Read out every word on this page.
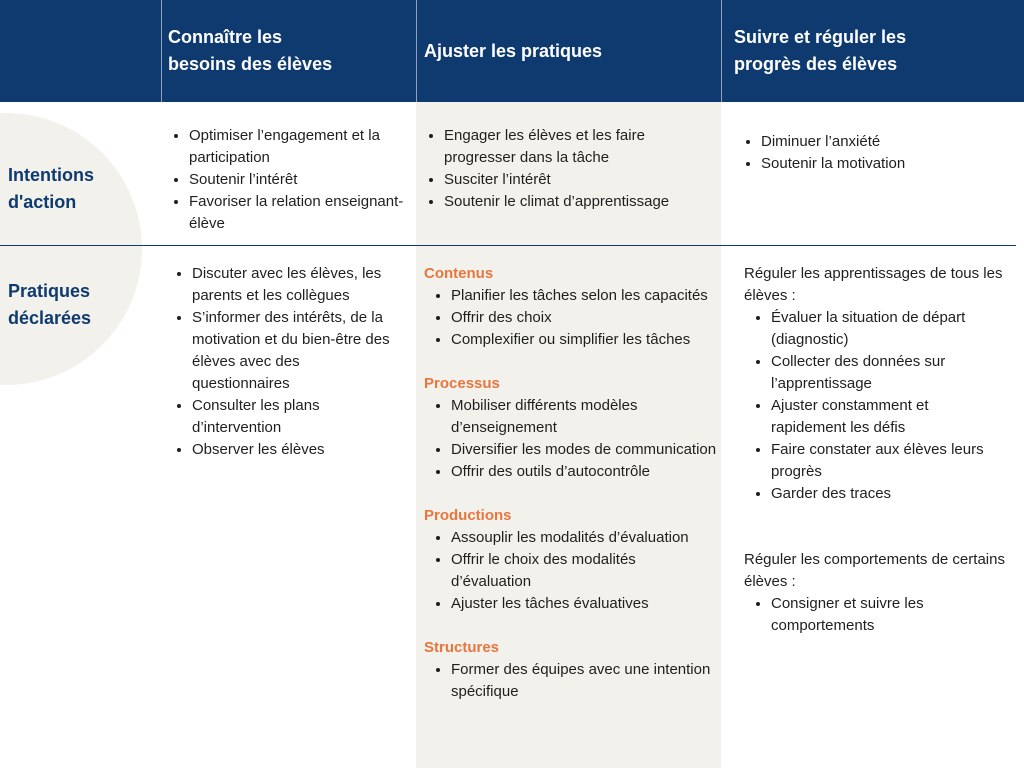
Connaître les
besoins des élèves
Ajuster les pratiques
Suivre et réguler les
progrès des élèves
Intentions
d'action
Pratiques
déclarées
• Optimiser l’engagement et la participation
• Soutenir l’intérêt
• Favoriser la relation enseignant-élève
• Engager les élèves et les faire progresser dans la tâche
• Susciter l’intérêt
• Soutenir le climat d’apprentissage
• Diminuer l’anxiété
• Soutenir la motivation
• Discuter avec les élèves, les parents et les collègues
• S’informer des intérêts, de la motivation et du bien-être des élèves avec des questionnaires
• Consulter les plans d’intervention
• Observer les élèves
Contenus
• Planifier les tâches selon les capacités
• Offrir des choix
• Complexifier ou simplifier les tâches
Processus
• Mobiliser différents modèles d’enseignement
• Diversifier les modes de communication
• Offrir des outils d’autocontrôle
Productions
• Assouplir les modalités d’évaluation
• Offrir le choix des modalités d’évaluation
• Ajuster les tâches évaluatives
Structures
• Former des équipes avec une intention spécifique

Réguler les apprentissages de tous les élèves :

• Évaluer la situation de départ (diagnostic)
• Collecter des données sur l’apprentissage
• Ajuster constamment et rapidement les défis
• Faire constater aux élèves leurs progrès
• Garder des traces

Réguler les comportements de certains élèves :

• Consigner et suivre les comportements
